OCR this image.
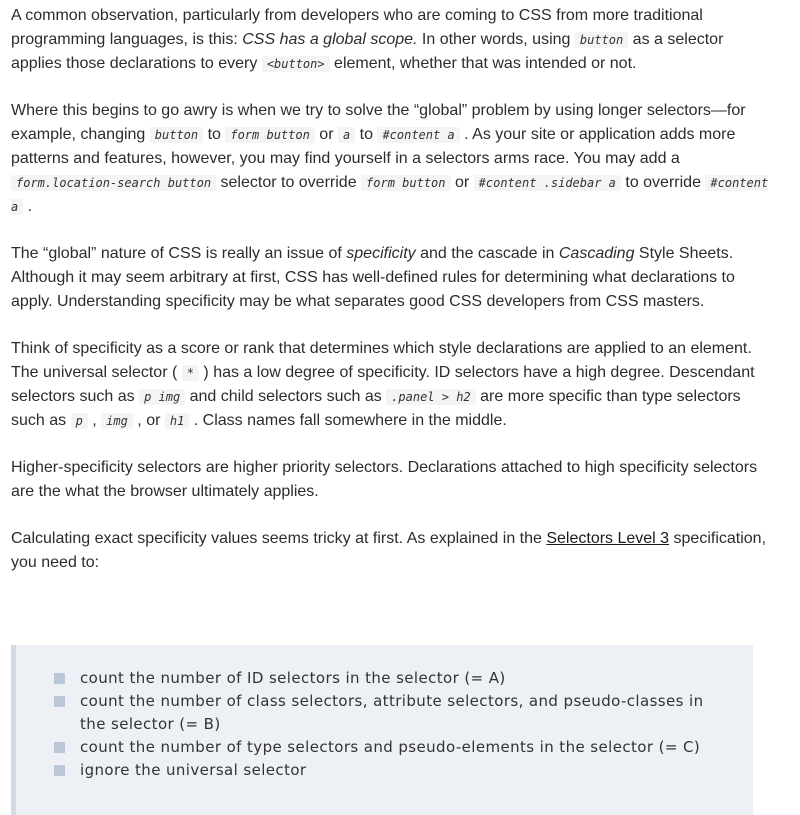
A common observation, particularly from developers who are coming to CSS from more traditional programming languages, is this: CSS has a global scope. In other words, using button as a selector applies those declarations to every <button> element, whether that was intended or not.

Where this begins to go awry is when we try to solve the “global” problem by using longer selectors—for example, changing button to form button or a to #content a . As your site or application adds more patterns and features, however, you may find yourself in a selectors arms race. You may add a form.location-search button selector to override form button or #content .sidebar a to override #content a .

The “global” nature of CSS is really an issue of specificity and the cascade in Cascading Style Sheets. Although it may seem arbitrary at first, CSS has well-defined rules for determining what declarations to apply. Understanding specificity may be what separates good CSS developers from CSS masters.

Think of specificity as a score or rank that determines which style declarations are applied to an element. The universal selector ( * ) has a low degree of specificity. ID selectors have a high degree. Descendant selectors such as p img and child selectors such as .panel > h2 are more specific than type selectors such as p , img , or h1 . Class names fall somewhere in the middle.

Higher-specificity selectors are higher priority selectors. Declarations attached to high specificity selectors are the what the browser ultimately applies.

Calculating exact specificity values seems tricky at first. As explained in the Selectors Level 3 specification, you need to:

count the number of ID selectors in the selector (= A)
count the number of class selectors, attribute selectors, and pseudo-classes in the selector (= B)
count the number of type selectors and pseudo-elements in the selector (= C)
ignore the universal selector
